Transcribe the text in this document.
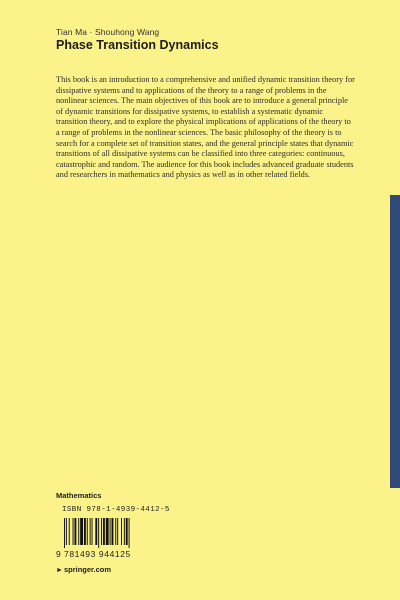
Tian Ma · Shouhong Wang
Phase Transition Dynamics

This book is an introduction to a comprehensive and unified dynamic transition theory for dissipative systems and to applications of the theory to a range of problems in the nonlinear sciences. The main objectives of this book are to introduce a general principle of dynamic transitions for dissipative systems, to establish a systematic dynamic transition theory, and to explore the physical implications of applications of the theory to a range of problems in the nonlinear sciences. The basic philosophy of the theory is to search for a complete set of transition states, and the general principle states that dynamic transitions of all dissipative systems can be classified into three categories: continuous, catastrophic and random. The audience for this book includes advanced graduate students and researchers in mathematics and physics as well as in other related fields.

Mathematics
ISBN 978-1-4939-4412-5
9 781493 944125
►springer.com
